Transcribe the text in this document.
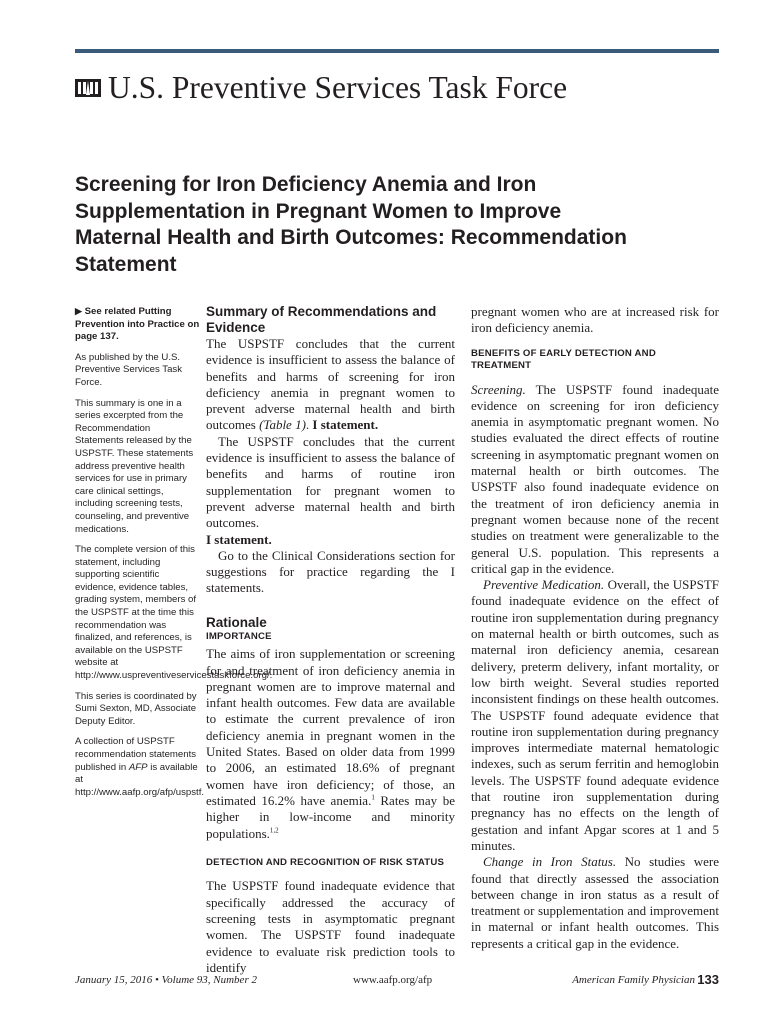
U.S. Preventive Services Task Force
Screening for Iron Deficiency Anemia and Iron
Supplementation in Pregnant Women to Improve
Maternal Health and Birth Outcomes: Recommendation
Statement

▶ See related Putting Prevention into Practice on page 137.

As published by the U.S. Preventive Services Task Force.

This summary is one in a series excerpted from the Recommendation Statements released by the USPSTF. These statements address preventive health services for use in primary care clinical settings, including screening tests, counseling, and preventive medications.

The complete version of this statement, including supporting scientific evidence, evidence tables, grading system, members of the USPSTF at the time this recommendation was finalized, and references, is available on the USPSTF website at http://www.uspreventiveservicestaskforce.org/.

This series is coordinated by Sumi Sexton, MD, Associate Deputy Editor.

A collection of USPSTF recommendation statements published in AFP is available at http://www.aafp.org/afp/uspstf.

Summary of Recommendations and Evidence

The USPSTF concludes that the current evidence is insufficient to assess the balance of benefits and harms of screening for iron deficiency anemia in pregnant women to prevent adverse maternal health and birth outcomes (Table 1). I statement.

The USPSTF concludes that the current evidence is insufficient to assess the balance of benefits and harms of routine iron supplementation for pregnant women to prevent adverse maternal health and birth outcomes.
I statement.

Go to the Clinical Considerations section for suggestions for practice regarding the I statements.

Rationale
IMPORTANCE

The aims of iron supplementation or screening for and treatment of iron deficiency anemia in pregnant women are to improve maternal and infant health outcomes. Few data are available to estimate the current prevalence of iron deficiency anemia in pregnant women in the United States. Based on older data from 1999 to 2006, an estimated 18.6% of pregnant women have iron deficiency; of those, an estimated 16.2% have anemia.$^1$ Rates may be higher in low-income and minority populations.$^{1,2}$

DETECTION AND RECOGNITION OF RISK STATUS

The USPSTF found inadequate evidence that specifically addressed the accuracy of screening tests in asymptomatic pregnant women. The USPSTF found inadequate evidence to evaluate risk prediction tools to identify

pregnant women who are at increased risk for iron deficiency anemia.

BENEFITS OF EARLY DETECTION AND TREATMENT

Screening. The USPSTF found inadequate evidence on screening for iron deficiency anemia in asymptomatic pregnant women. No studies evaluated the direct effects of routine screening in asymptomatic pregnant women on maternal health or birth outcomes. The USPSTF also found inadequate evidence on the treatment of iron deficiency anemia in pregnant women because none of the recent studies on treatment were generalizable to the general U.S. population. This represents a critical gap in the evidence.

Preventive Medication. Overall, the USPSTF found inadequate evidence on the effect of routine iron supplementation during pregnancy on maternal health or birth outcomes, such as maternal iron deficiency anemia, cesarean delivery, preterm delivery, infant mortality, or low birth weight. Several studies reported inconsistent findings on these health outcomes. The USPSTF found adequate evidence that routine iron supplementation during pregnancy improves intermediate maternal hematologic indexes, such as serum ferritin and hemoglobin levels. The USPSTF found adequate evidence that routine iron supplementation during pregnancy has no effects on the length of gestation and infant Apgar scores at 1 and 5 minutes.

Change in Iron Status. No studies were found that directly assessed the association between change in iron status as a result of treatment or supplementation and improvement in maternal or infant health outcomes. This represents a critical gap in the evidence.

January 15, 2016 • Volume 93, Number 2	www.aafp.org/afp	American Family Physician 133
